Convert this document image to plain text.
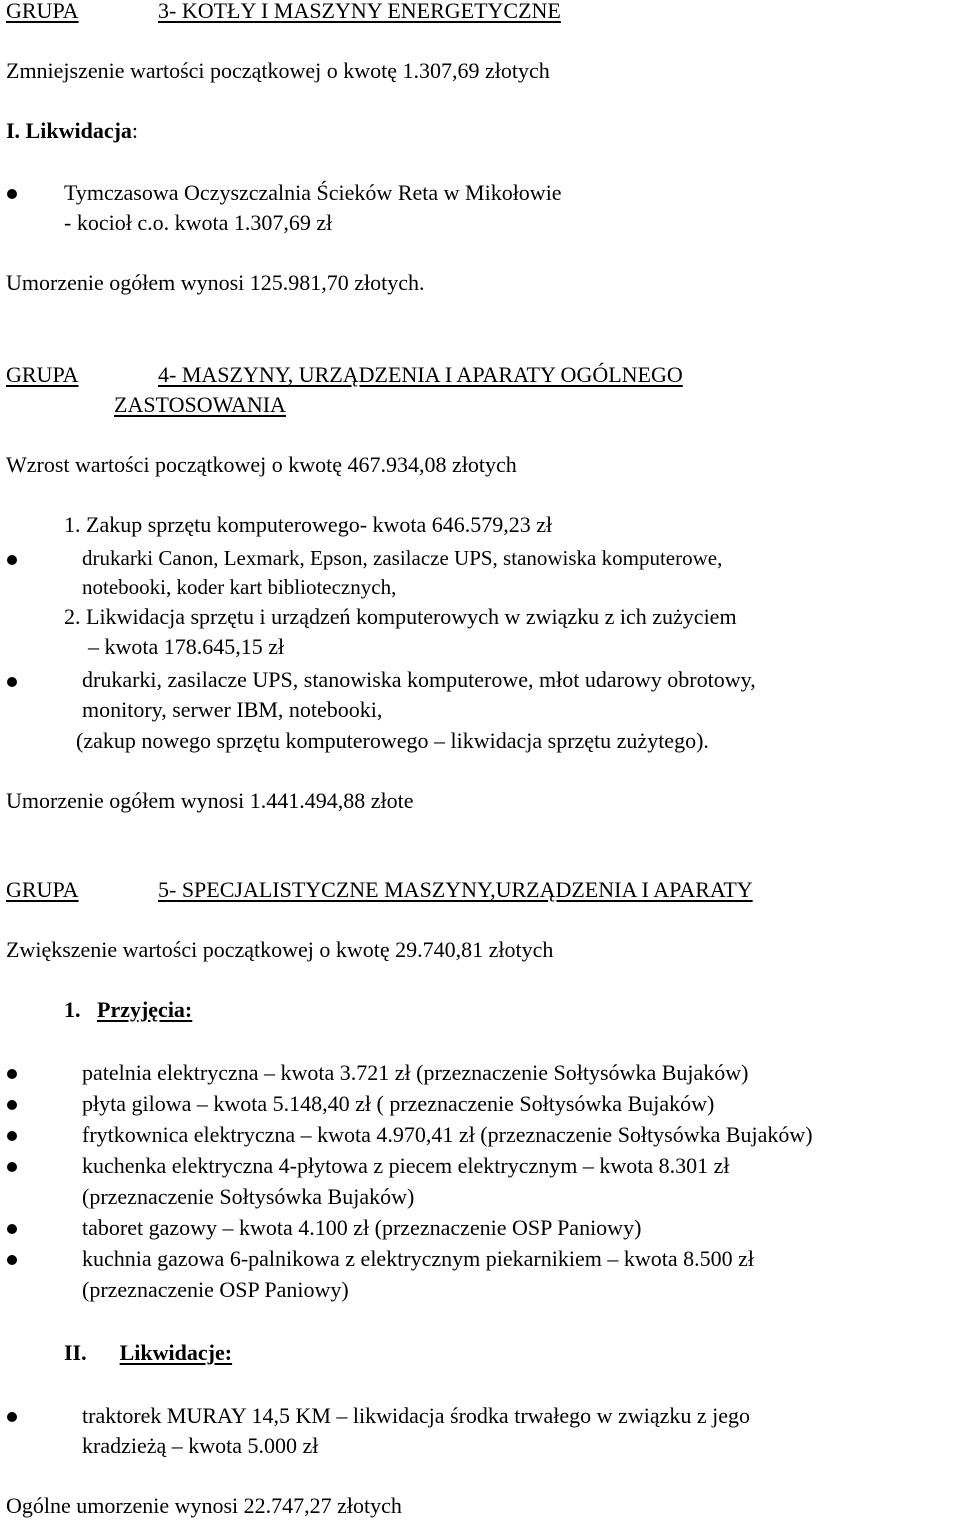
GRUPA	3- KOTŁY I MASZYNY ENERGETYCZNE
Zmniejszenie wartości początkowej o kwotę 1.307,69 złotych
I. Likwidacja:
Tymczasowa Oczyszczalnia Ścieków Reta w Mikołowie
- kocioł c.o. kwota 1.307,69 zł
Umorzenie ogółem wynosi 125.981,70 złotych.
GRUPA	4- MASZYNY, URZĄDZENIA I APARATY OGÓLNEGO
ZASTOSOWANIA
Wzrost wartości początkowej o kwotę 467.934,08 złotych
1. Zakup sprzętu komputerowego- kwota 646.579,23 zł
drukarki Canon, Lexmark, Epson, zasilacze UPS, stanowiska komputerowe,
notebooki, koder kart bibliotecznych,
2. Likwidacja sprzętu i urządzeń komputerowych w związku z ich zużyciem
– kwota 178.645,15 zł
drukarki, zasilacze UPS, stanowiska komputerowe, młot udarowy obrotowy,
monitory, serwer IBM, notebooki,
(zakup nowego sprzętu komputerowego – likwidacja sprzętu zużytego).
Umorzenie ogółem wynosi 1.441.494,88 złote
GRUPA	5- SPECJALISTYCZNE MASZYNY,URZĄDZENIA I APARATY
Zwiększenie wartości początkowej o kwotę 29.740,81 złotych
1. Przyjęcia:
patelnia elektryczna – kwota 3.721 zł (przeznaczenie Sołtysówka Bujaków)
płyta gilowa – kwota 5.148,40 zł ( przeznaczenie Sołtysówka Bujaków)
frytkownica elektryczna – kwota 4.970,41 zł (przeznaczenie Sołtysówka Bujaków)
kuchenka elektryczna 4-płytowa z piecem elektrycznym – kwota 8.301 zł
(przeznaczenie Sołtysówka Bujaków)
taboret gazowy – kwota 4.100 zł (przeznaczenie OSP Paniowy)
kuchnia gazowa 6-palnikowa z elektrycznym piekarnikiem – kwota 8.500 zł
(przeznaczenie OSP Paniowy)
II. Likwidacje:
traktorek MURAY 14,5 KM – likwidacja środka trwałego w związku z jego
kradzieżą – kwota 5.000 zł
Ogólne umorzenie wynosi 22.747,27 złotych
